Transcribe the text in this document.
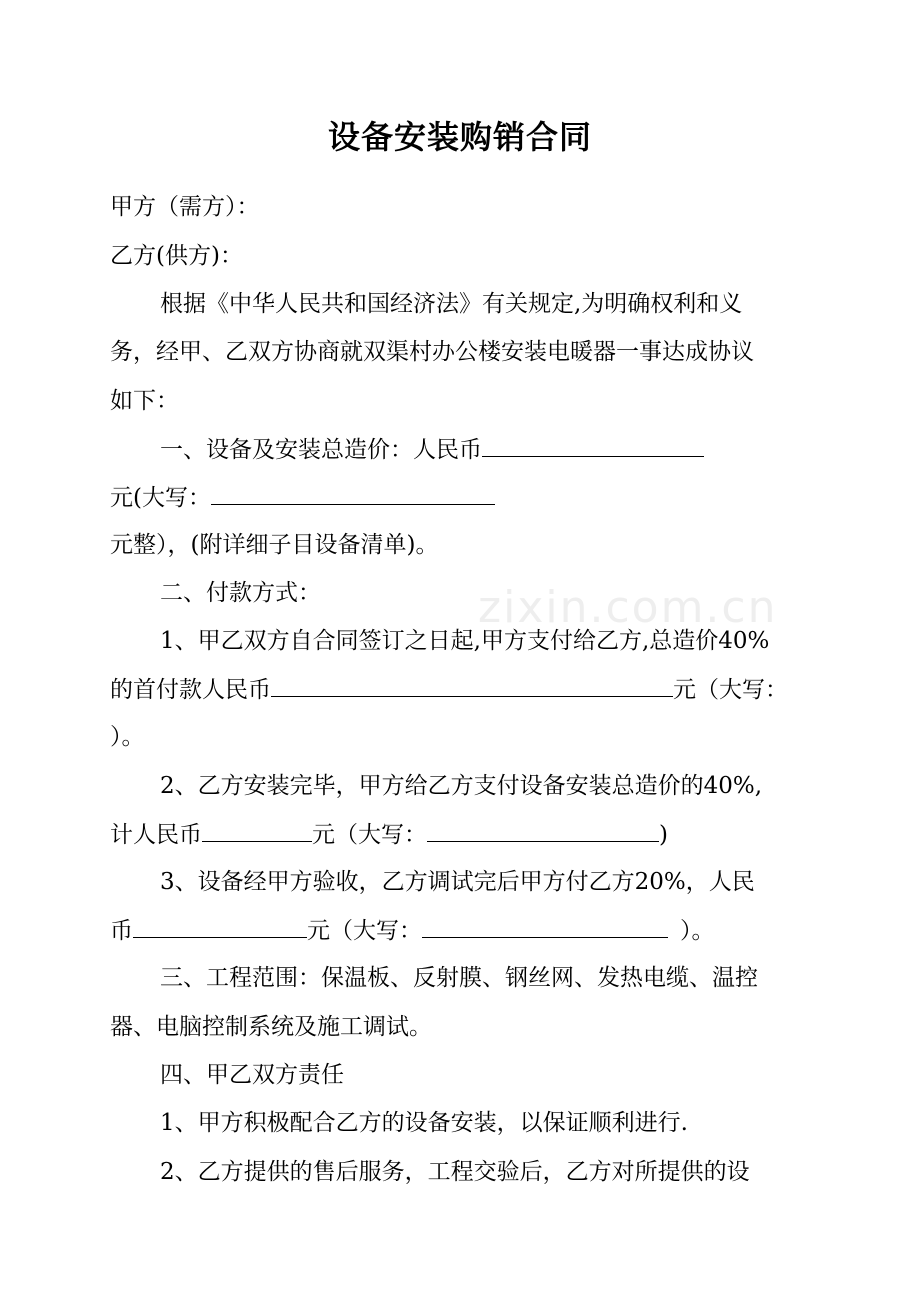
zixin.com.cn
设备安装购销合同
甲方（需方）：
乙方(供方)：
根据《中华人民共和国经济法》有关规定,为明确权利和义
务，经甲、乙双方协商就双渠村办公楼安装电暖器一事达成协议
如下：
一、设备及安装总造价：人民币
元(大写：
元整），(附详细子目设备清单)。
二、付款方式：
1、甲乙双方自合同签订之日起,甲方支付给乙方,总造价40%
的首付款人民币	元（大写：
）。
2、乙方安装完毕，甲方给乙方支付设备安装总造价的40%,
计人民币	元（大写：	)
3、设备经甲方验收，乙方调试完后甲方付乙方20%，人民
币	元（大写：	）。
三、工程范围：保温板、反射膜、钢丝网、发热电缆、温控
器、电脑控制系统及施工调试。
四、甲乙双方责任
1、甲方积极配合乙方的设备安装，以保证顺利进行.
2、乙方提供的售后服务，工程交验后，乙方对所提供的设
